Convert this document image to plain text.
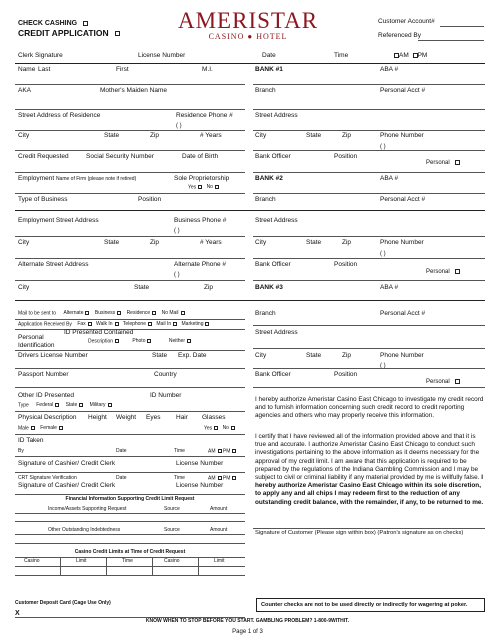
CHECK CASHING
CREDIT APPLICATION	AMERISTAR
CASINO ● HOTEL
Customer Account#
Referenced By
Clerk Signature	License Number	Date	Time	AM PM
Name Last	First	M.I.
AKA	Mother's Maiden Name
Street Address of Residence	Residence Phone #
( )
City	State	Zip	# Years
Credit Requested	Social Security Number	Date of Birth
Employment Name of Firm (please note if retired)	Sole Proprietorship
Yes No
Type of Business	Position
Employment Street Address	Business Phone #
( )
City	State	Zip	# Years
Alternate Street Address	Alternate Phone #
( )
City	State	Zip
Mail to be sent to Alternate Business Residence No Mail
Application Received By Fax Walk In Telephone Mail In Marketing
Personal
Identification
ID Presented Contained
Description	Photo	Neither
Drivers License Number	State Exp. Date
Passport Number	Country
Other ID Presented	ID Number
Type Federal State Military
Physical Description Height Weight Eyes Hair Glasses
Male Female	Yes No
ID Taken
By	Date	Time	AM PM
Signature of Cashier/ Credit Clerk	License Number
CRT Signature Verification	Date	Time	AM PM
Signature of Cashier/ Credit Clerk	License Number
Financial Information Supporting Credit Limit Request
Income/Assets Supporting Request	Source	Amount
Other Outstanding Indebtedness	Source	Amount
Casino Credit Limits at Time of Credit Request
Casino	Limit	Time	Casino	Limit
Customer Deposit Card (Cage Use Only)
X
BANK #1	ABA #
Branch	Personal Acct #
Street Address
City	State	Zip	Phone Number
( )
Bank Officer	Position
Personal
BANK #2	ABA #
Branch	Personal Acct #
Street Address
City	State	Zip	Phone Number
( )
Bank Officer	Position
Personal
BANK #3	ABA #
Branch	Personal Acct #
Street Address
City	State	Zip	Phone Number
( )
Bank Officer	Position
Personal
I hereby authorize Ameristar Casino East Chicago to investigate my credit record and to furnish information concerning such credit record to credit reporting agencies and others who may properly receive this information.
I certify that I have reviewed all of the information provided above and that it is true and accurate. I authorize Ameristar Casino East Chicago to conduct such investigations pertaining to the above information as it deems necessary for the approval of my credit limit. I am aware that this application is required to be prepared by the regulations of the Indiana Gambling Commission and I may be subject to civil or criminal liability if any material provided by me is willfully false. I hereby authorize Ameristar Casino East Chicago within its sole discretion, to apply any and all chips I may redeem first to the reduction of any outstanding credit balance, with the remainder, if any, to be returned to me.
Signature of Customer (Please sign within box) (Patron's signature as on checks)
Counter checks are not to be used directly or indirectly for wagering at poker.
KNOW WHEN TO STOP BEFORE YOU START. GAMBLING PROBLEM? 1-800-9WITHIT.
Page 1 of 3
